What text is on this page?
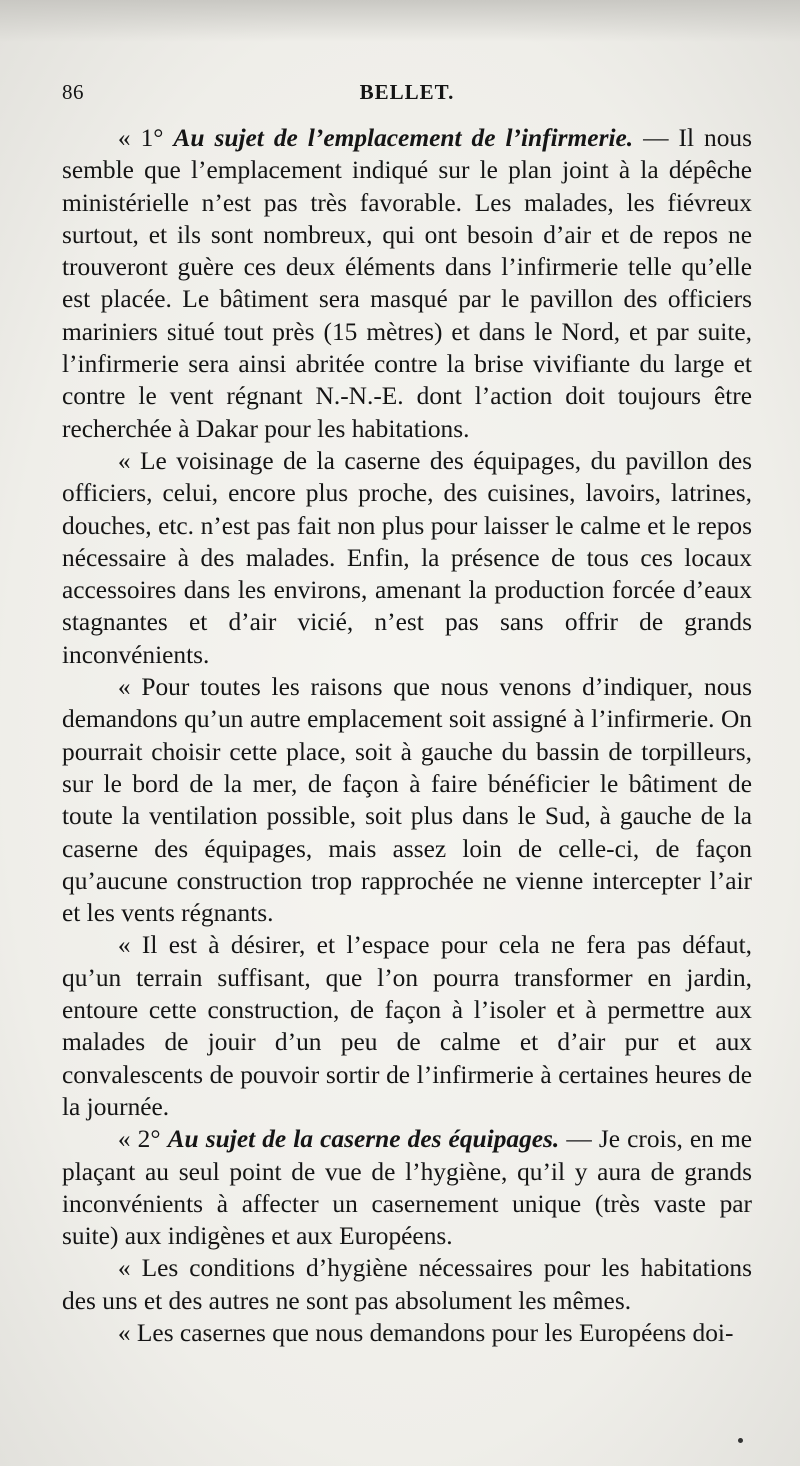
86	BELLET.

« 1° Au sujet de l’emplacement de l’infirmerie. — Il nous semble que l’emplacement indiqué sur le plan joint à la dépêche ministérielle n’est pas très favorable. Les malades, les fiévreux surtout, et ils sont nombreux, qui ont besoin d’air et de repos ne trouveront guère ces deux éléments dans l’infirmerie telle qu’elle est placée. Le bâtiment sera masqué par le pavillon des officiers mariniers situé tout près (15 mètres) et dans le Nord, et par suite, l’infirmerie sera ainsi abritée contre la brise vivifiante du large et contre le vent régnant N.-N.-E. dont l’action doit toujours être recherchée à Dakar pour les habitations.

« Le voisinage de la caserne des équipages, du pavillon des officiers, celui, encore plus proche, des cuisines, lavoirs, latrines, douches, etc. n’est pas fait non plus pour laisser le calme et le repos nécessaire à des malades. Enfin, la présence de tous ces locaux accessoires dans les environs, amenant la production forcée d’eaux stagnantes et d’air vicié, n’est pas sans offrir de grands inconvénients.

« Pour toutes les raisons que nous venons d’indiquer, nous demandons qu’un autre emplacement soit assigné à l’infirmerie. On pourrait choisir cette place, soit à gauche du bassin de torpilleurs, sur le bord de la mer, de façon à faire bénéficier le bâtiment de toute la ventilation possible, soit plus dans le Sud, à gauche de la caserne des équipages, mais assez loin de celle-ci, de façon qu’aucune construction trop rapprochée ne vienne intercepter l’air et les vents régnants.

« Il est à désirer, et l’espace pour cela ne fera pas défaut, qu’un terrain suffisant, que l’on pourra transformer en jardin, entoure cette construction, de façon à l’isoler et à permettre aux malades de jouir d’un peu de calme et d’air pur et aux convalescents de pouvoir sortir de l’infirmerie à certaines heures de la journée.

« 2° Au sujet de la caserne des équipages. — Je crois, en me plaçant au seul point de vue de l’hygiène, qu’il y aura de grands inconvénients à affecter un casernement unique (très vaste par suite) aux indigènes et aux Européens.

« Les conditions d’hygiène nécessaires pour les habitations des uns et des autres ne sont pas absolument les mêmes.

« Les casernes que nous demandons pour les Européens doi-
